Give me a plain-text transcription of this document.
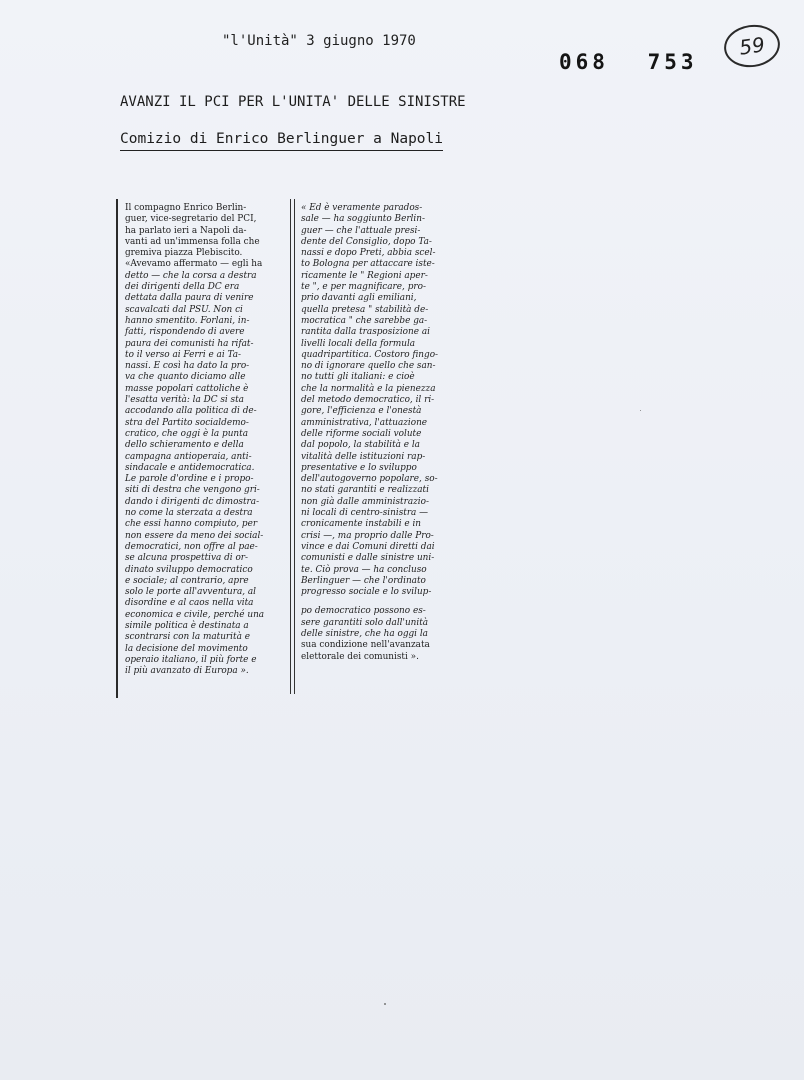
"l'Unità" 3 giugno 1970
068 753
59
AVANZI IL PCI PER L'UNITA' DELLE SINISTRE
Comizio di Enrico Berlinguer a Napoli
Il compagno Enrico Berlin-
guer, vice-segretario del PCI,
ha parlato ieri a Napoli da-
vanti ad un'immensa folla che
gremiva piazza Plebiscito.
«Avevamo affermato — egli ha
detto — che la corsa a destra
dei dirigenti della DC era
dettata dalla paura di venire
scavalcati dal PSU. Non ci
hanno smentito. Forlani, in-
fatti, rispondendo di avere
paura dei comunisti ha rifat-
to il verso ai Ferri e ai Ta-
nassi. E così ha dato la pro-
va che quanto diciamo alle
masse popolari cattoliche è
l'esatta verità: la DC si sta
accodando alla politica di de-
stra del Partito socialdemo-
cratico, che oggi è la punta
dello schieramento e della
campagna antioperaia, anti-
sindacale e antidemocratica.
Le parole d'ordine e i propo-
siti di destra che vengono gri-
dando i dirigenti dc dimostra-
no come la sterzata a destra
che essi hanno compiuto, per
non essere da meno dei social-
democratici, non offre al pae-
se alcuna prospettiva di or-
dinato sviluppo democratico
e sociale; al contrario, apre
solo le porte all'avventura, al
disordine e al caos nella vita
economica e civile, perché una
simile politica è destinata a
scontrarsi con la maturità e
la decisione del movimento
operaio italiano, il più forte e
il più avanzato di Europa ».
« Ed è veramente parados-
sale — ha soggiunto Berlin-
guer — che l'attuale presi-
dente del Consiglio, dopo Ta-
nassi e dopo Preti, abbia scel-
to Bologna per attaccare iste-
ricamente le " Regioni aper-
te ", e per magnificare, pro-
prio davanti agli emiliani,
quella pretesa " stabilità de-
mocratica " che sarebbe ga-
rantita dalla trasposizione ai
livelli locali della formula
quadripartitica. Costoro fingo-
no di ignorare quello che san-
no tutti gli italiani: e cioè
che la normalità e la pienezza
del metodo democratico, il ri-
gore, l'efficienza e l'onestà
amministrativa, l'attuazione
delle riforme sociali volute
dal popolo, la stabilità e la
vitalità delle istituzioni rap-
presentative e lo sviluppo
dell'autogoverno popolare, so-
no stati garantiti e realizzati
non già dalle amministrazio-
ni locali di centro-sinistra —
cronicamente instabili e in
crisi —, ma proprio dalle Pro-
vince e dai Comuni diretti dai
comunisti e dalle sinistre uni-
te. Ciò prova — ha concluso
Berlinguer — che l'ordinato
progresso sociale e lo svilup-
po democratico possono es-
sere garantiti solo dall'unità
delle sinistre, che ha oggi la
sua condizione nell'avanzata
elettorale dei comunisti ».
